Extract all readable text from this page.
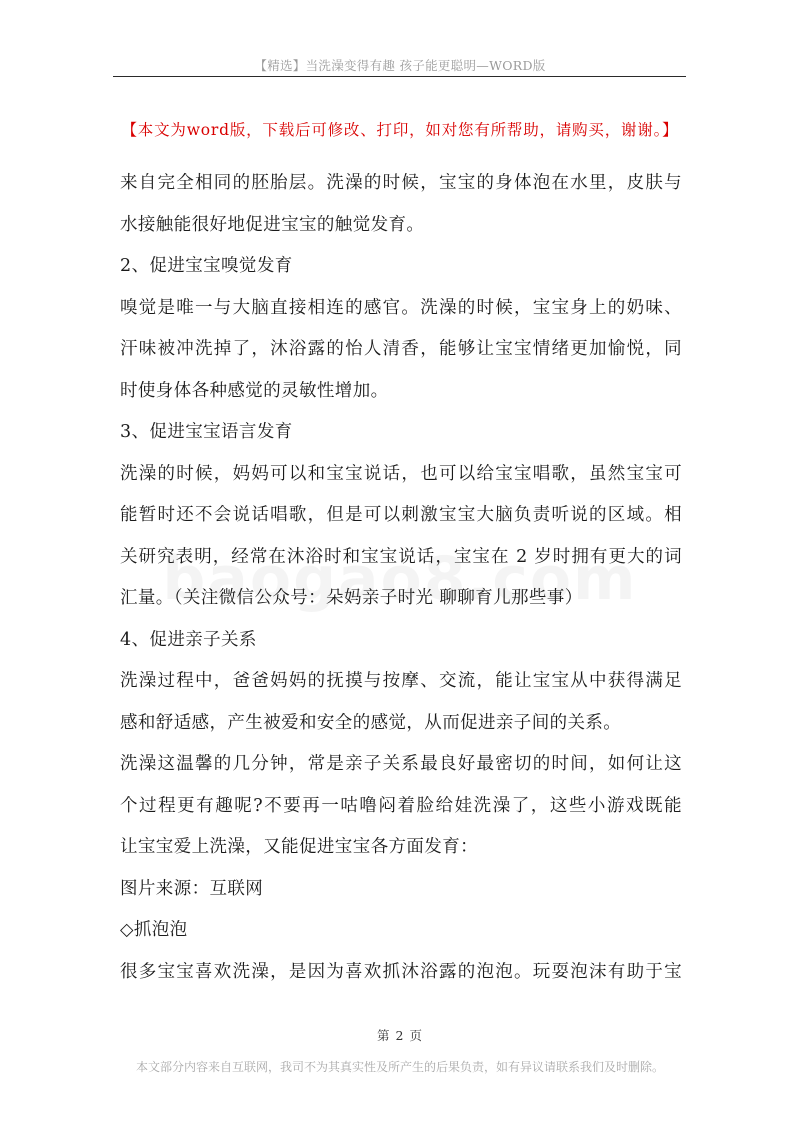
【精选】当洗澡变得有趣 孩子能更聪明—WORD版
【本文为word版，下载后可修改、打印，如对您有所帮助，请购买，谢谢。】
来自完全相同的胚胎层。洗澡的时候，宝宝的身体泡在水里，皮肤与
水接触能很好地促进宝宝的触觉发育。
2、促进宝宝嗅觉发育
嗅觉是唯一与大脑直接相连的感官。洗澡的时候，宝宝身上的奶味、
汗味被冲洗掉了，沐浴露的怡人清香，能够让宝宝情绪更加愉悦，同
时使身体各种感觉的灵敏性增加。
3、促进宝宝语言发育
洗澡的时候，妈妈可以和宝宝说话，也可以给宝宝唱歌，虽然宝宝可
能暂时还不会说话唱歌，但是可以刺激宝宝大脑负责听说的区域。相
关研究表明，经常在沐浴时和宝宝说话，宝宝在 2 岁时拥有更大的词
汇量。（关注微信公众号：朵妈亲子时光 聊聊育儿那些事）
4、促进亲子关系
洗澡过程中，爸爸妈妈的抚摸与按摩、交流，能让宝宝从中获得满足
感和舒适感，产生被爱和安全的感觉，从而促进亲子间的关系。
洗澡这温馨的几分钟，常是亲子关系最良好最密切的时间，如何让这
个过程更有趣呢?不要再一咕噜闷着脸给娃洗澡了，这些小游戏既能
让宝宝爱上洗澡，又能促进宝宝各方面发育：
图片来源：互联网
◇抓泡泡
很多宝宝喜欢洗澡，是因为喜欢抓沐浴露的泡泡。玩耍泡沫有助于宝
第 2 页
本文部分内容来自互联网，我司不为其真实性及所产生的后果负责，如有异议请联系我们及时删除。
